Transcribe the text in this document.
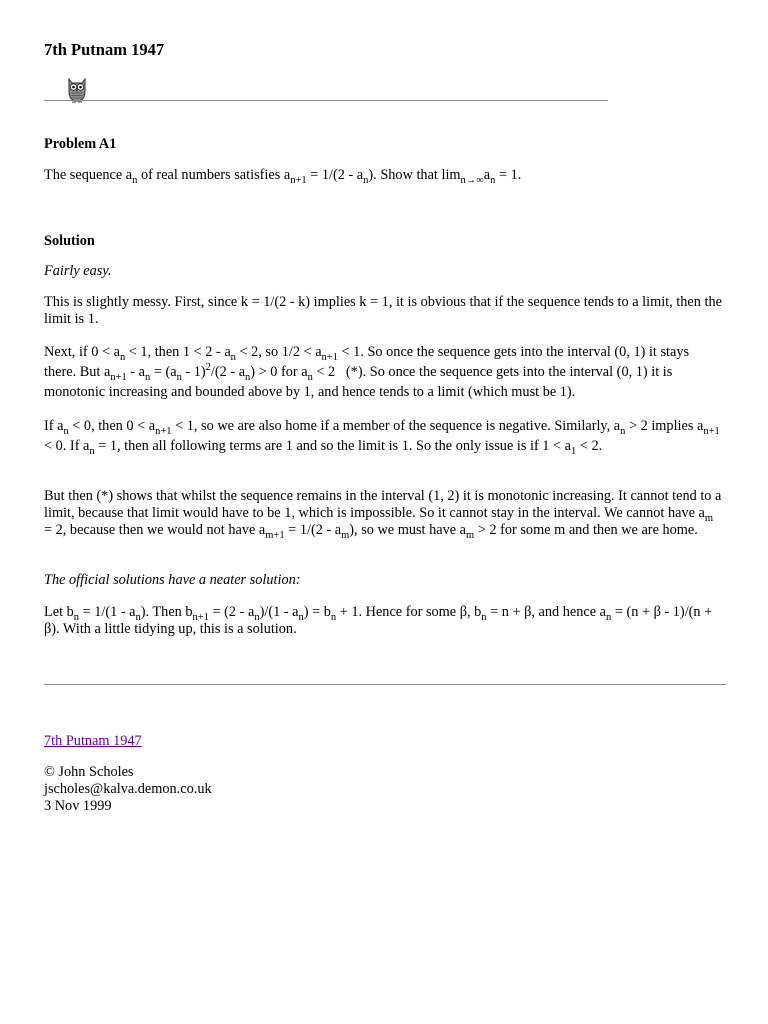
7th Putnam 1947

Problem A1

The sequence $a_n$ of real numbers satisfies $a_{n+1} = 1/(2 - a_n)$. Show that $\lim_{n\to\infty}a_n = 1$.

Solution

Fairly easy.

This is slightly messy. First, since k = 1/(2 - k) implies k = 1, it is obvious that if the sequence tends to a limit, then the limit is 1.

Next, if $0 < a_n < 1$, then $1 < 2 - a_n < 2$, so $1/2 < a_{n+1} < 1$. So once the sequence gets into the interval (0, 1) it stays there. But $a_{n+1} - a_n = (a_n - 1)^2/(2 - a_n) > 0$ for $a_n < 2$   (*). So once the sequence gets into the interval (0, 1) it is monotonic increasing and bounded above by 1, and hence tends to a limit (which must be 1).

If $a_n < 0$, then $0 < a_{n+1} < 1$, so we are also home if a member of the sequence is negative. Similarly, $a_n > 2$ implies $a_{n+1} < 0$. If $a_n = 1$, then all following terms are 1 and so the limit is 1. So the only issue is if $1 < a_1 < 2$.

But then (*) shows that whilst the sequence remains in the interval (1, 2) it is monotonic increasing. It cannot tend to a limit, because that limit would have to be 1, which is impossible. So it cannot stay in the interval. We cannot have $a_m = 2$, because then we would not have $a_{m+1} = 1/(2 - a_m)$, so we must have $a_m > 2$ for some m and then we are home.

The official solutions have a neater solution:

Let $b_n = 1/(1 - a_n)$. Then $b_{n+1} = (2 - a_n)/(1 - a_n) = b_n + 1$. Hence for some β, $b_n = n + \beta$, and hence $a_n = (n + \beta - 1)/(n + \beta)$. With a little tidying up, this is a solution.

7th Putnam 1947

© John Scholes

jscholes@kalva.demon.co.uk

3 Nov 1999
